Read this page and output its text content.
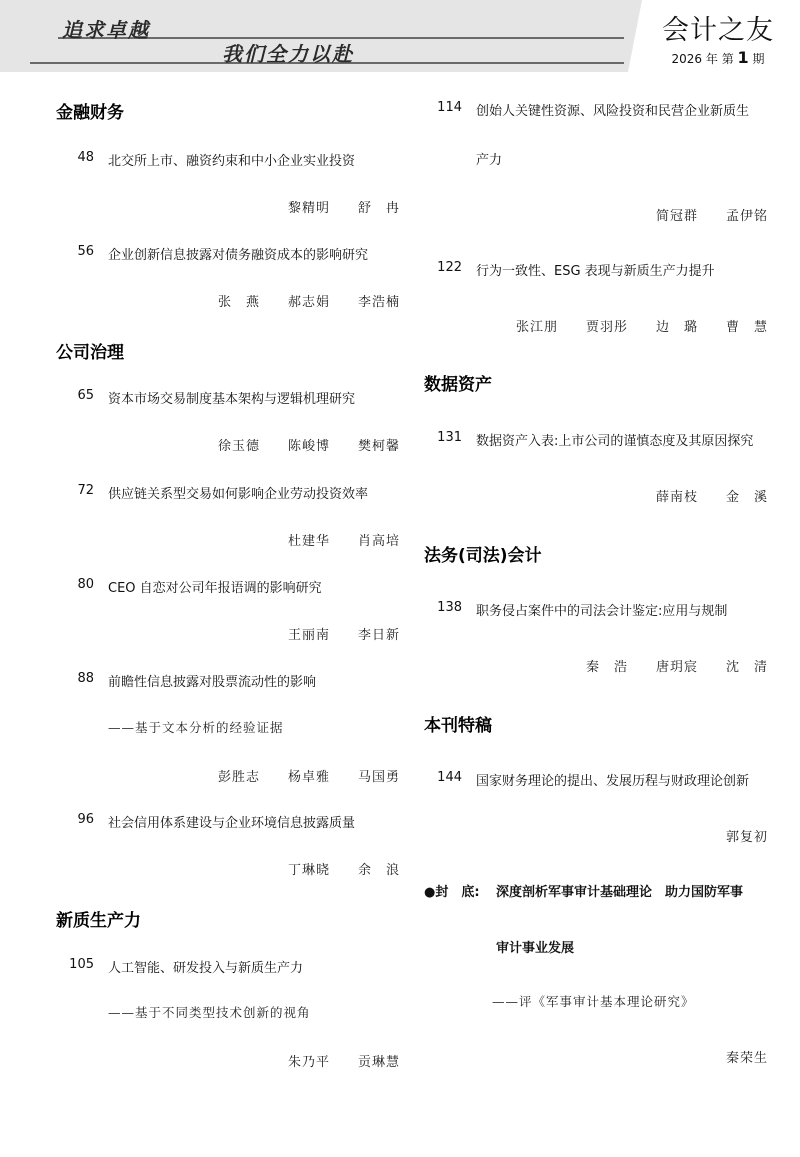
追求卓越
我们全力以赴
会计之友
2026 年 第 1 期
金融财务
48 北交所上市、融资约束和中小企业实业投资
黎精明　　舒　冉
56 企业创新信息披露对债务融资成本的影响研究
张　燕　　郝志娟　　李浩楠
公司治理
65 资本市场交易制度基本架构与逻辑机理研究
徐玉德　　陈峻博　　樊柯馨
72 供应链关系型交易如何影响企业劳动投资效率
杜建华　　肖高培
80 CEO 自恋对公司年报语调的影响研究
王丽南　　李日新
88 前瞻性信息披露对股票流动性的影响
——基于文本分析的经验证据
彭胜志　　杨卓雅　　马国勇
96 社会信用体系建设与企业环境信息披露质量
丁琳晓　　余　浪
新质生产力
105 人工智能、研发投入与新质生产力
——基于不同类型技术创新的视角
朱乃平　　贡琳慧
114 创始人关键性资源、风险投资和民营企业新质生
产力
简冠群　　孟伊铭
122 行为一致性、ESG 表现与新质生产力提升
张江朋　　贾羽彤　　边　璐　　曹　慧
数据资产
131 数据资产入表:上市公司的谨慎态度及其原因探究
薛南枝　　金　溪
法务(司法)会计
138 职务侵占案件中的司法会计鉴定:应用与规制
秦　浩　　唐玥宸　　沈　清
本刊特稿
144 国家财务理论的提出、发展历程与财政理论创新
郭复初
●封　底: 深度剖析军事审计基础理论　助力国防军事
审计事业发展
——评《军事审计基本理论研究》
秦荣生
